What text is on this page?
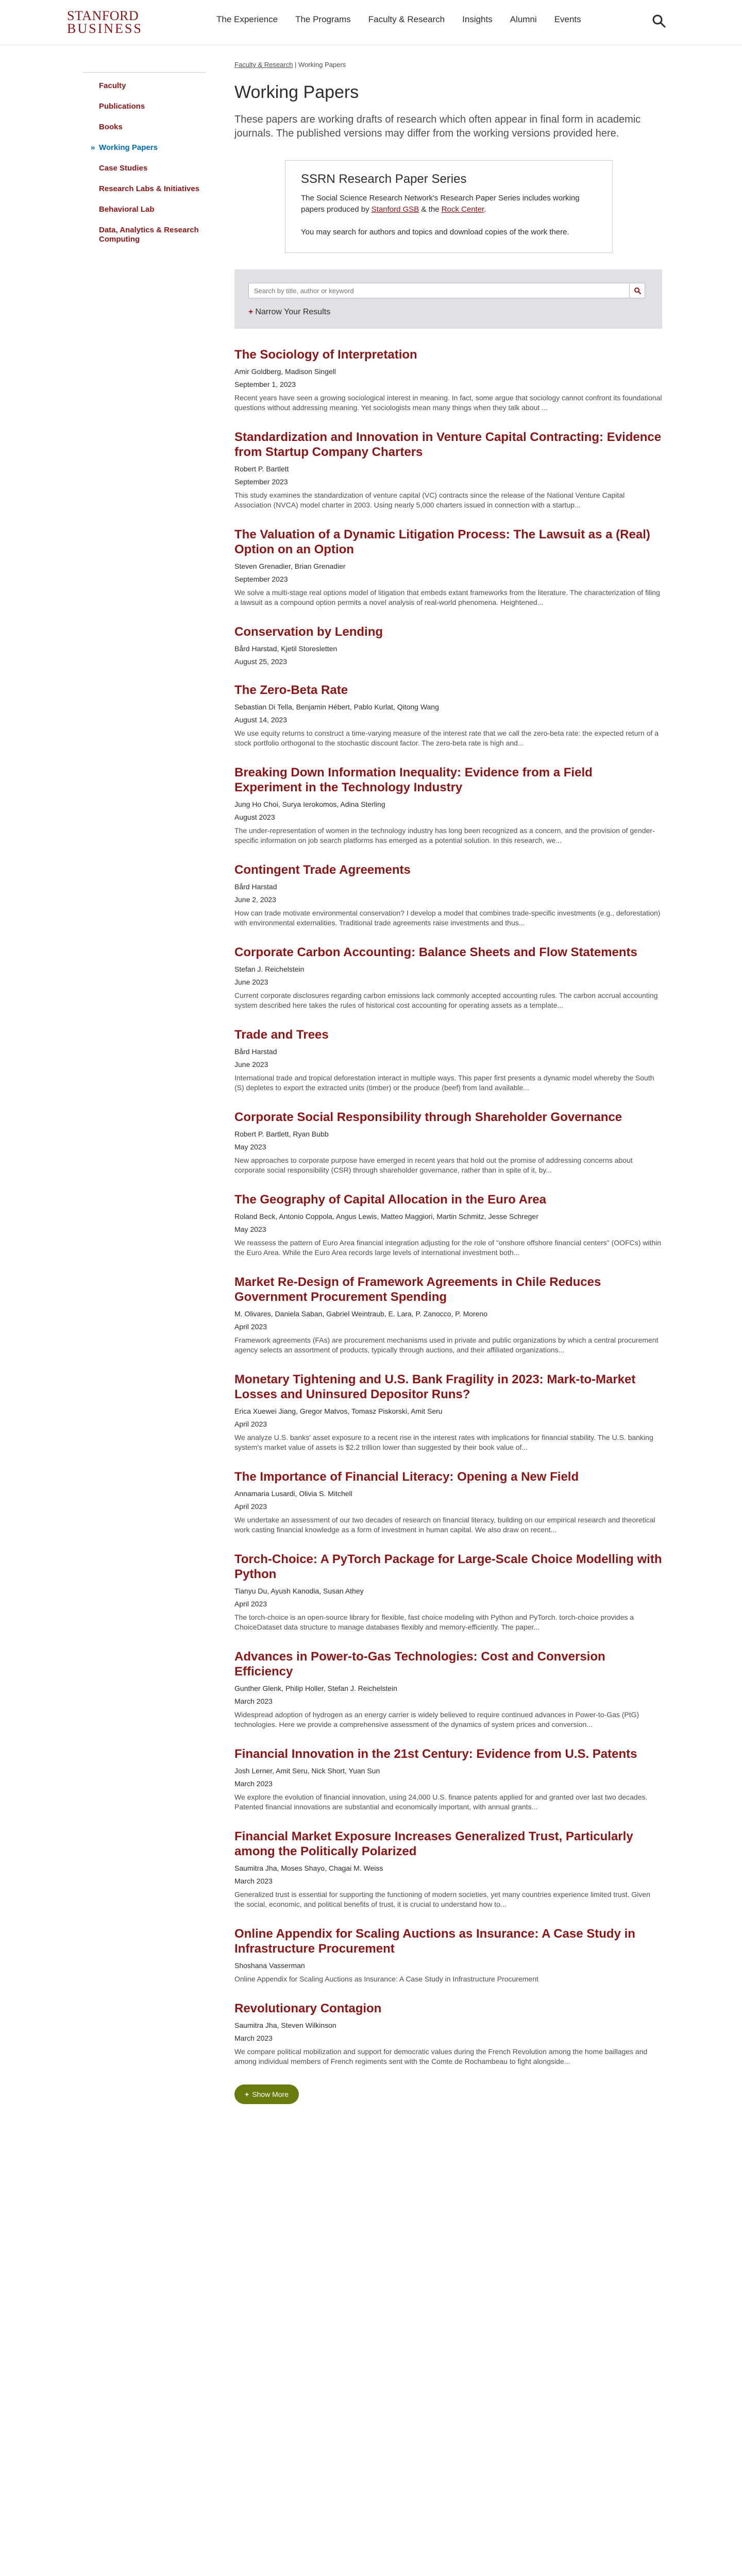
STANFORD
BUSINESS
The Experience The Programs Faculty & Research Insights Alumni Events
Faculty & Research | Working Papers
Faculty
Publications
Books
» Working Papers
Case Studies
Research Labs & Initiatives
Behavioral Lab
Data, Analytics & Research Computing
Working Papers

These papers are working drafts of research which often appear in final form in academic journals. The published versions may differ from the working versions provided here.

SSRN Research Paper Series

The Social Science Research Network's Research Paper Series includes working papers produced by Stanford GSB & the Rock Center.

You may search for authors and topics and download copies of the work there.

Search by title, author or keyword
+ Narrow Your Results
The Sociology of Interpretation
Amir Goldberg, Madison Singell
September 1, 2023

Recent years have seen a growing sociological interest in meaning. In fact, some argue that sociology cannot confront its foundational questions without addressing meaning. Yet sociologists mean many things when they talk about ...

Standardization and Innovation in Venture Capital Contracting: Evidence from Startup Company Charters
Robert P. Bartlett
September 2023

This study examines the standardization of venture capital (VC) contracts since the release of the National Venture Capital Association (NVCA) model charter in 2003. Using nearly 5,000 charters issued in connection with a startup...

The Valuation of a Dynamic Litigation Process: The Lawsuit as a (Real) Option on an Option
Steven Grenadier, Brian Grenadier
September 2023

We solve a multi-stage real options model of litigation that embeds extant frameworks from the literature. The characterization of filing a lawsuit as a compound option permits a novel analysis of real-world phenomena. Heightened...

Conservation by Lending
Bård Harstad, Kjetil Storesletten
August 25, 2023
The Zero-Beta Rate
Sebastian Di Tella, Benjamin Hébert, Pablo Kurlat, Qitong Wang
August 14, 2023

We use equity returns to construct a time-varying measure of the interest rate that we call the zero-beta rate: the expected return of a stock portfolio orthogonal to the stochastic discount factor. The zero-beta rate is high and...

Breaking Down Information Inequality: Evidence from a Field Experiment in the Technology Industry
Jung Ho Choi, Surya Ierokomos, Adina Sterling
August 2023

The under-representation of women in the technology industry has long been recognized as a concern, and the provision of gender-specific information on job search platforms has emerged as a potential solution. In this research, we...

Contingent Trade Agreements
Bård Harstad
June 2, 2023

How can trade motivate environmental conservation? I develop a model that combines trade-specific investments (e.g., deforestation) with environmental externalities. Traditional trade agreements raise investments and thus...

Corporate Carbon Accounting: Balance Sheets and Flow Statements
Stefan J. Reichelstein
June 2023

Current corporate disclosures regarding carbon emissions lack commonly accepted accounting rules. The carbon accrual accounting system described here takes the rules of historical cost accounting for operating assets as a template...

Trade and Trees
Bård Harstad
June 2023

International trade and tropical deforestation interact in multiple ways. This paper first presents a dynamic model whereby the South (S) depletes to export the extracted units (timber) or the produce (beef) from land available...

Corporate Social Responsibility through Shareholder Governance
Robert P. Bartlett, Ryan Bubb
May 2023

New approaches to corporate purpose have emerged in recent years that hold out the promise of addressing concerns about corporate social responsibility (CSR) through shareholder governance, rather than in spite of it, by...

The Geography of Capital Allocation in the Euro Area
Roland Beck, Antonio Coppola, Angus Lewis, Matteo Maggiori, Martin Schmitz, Jesse Schreger
May 2023

We reassess the pattern of Euro Area financial integration adjusting for the role of "onshore offshore financial centers" (OOFCs) within the Euro Area. While the Euro Area records large levels of international investment both...

Market Re-Design of Framework Agreements in Chile Reduces Government Procurement Spending
M. Olivares, Daniela Saban, Gabriel Weintraub, E. Lara, P. Zanocco, P. Moreno
April 2023

Framework agreements (FAs) are procurement mechanisms used in private and public organizations by which a central procurement agency selects an assortment of products, typically through auctions, and their affiliated organizations...

Monetary Tightening and U.S. Bank Fragility in 2023: Mark-to-Market Losses and Uninsured Depositor Runs?
Erica Xuewei Jiang, Gregor Matvos, Tomasz Piskorski, Amit Seru
April 2023

We analyze U.S. banks' asset exposure to a recent rise in the interest rates with implications for financial stability. The U.S. banking system's market value of assets is $2.2 trillion lower than suggested by their book value of...

The Importance of Financial Literacy: Opening a New Field
Annamaria Lusardi, Olivia S. Mitchell
April 2023

We undertake an assessment of our two decades of research on financial literacy, building on our empirical research and theoretical work casting financial knowledge as a form of investment in human capital. We also draw on recent...

Torch-Choice: A PyTorch Package for Large-Scale Choice Modelling with Python
Tianyu Du, Ayush Kanodia, Susan Athey
April 2023

The torch-choice is an open-source library for flexible, fast choice modeling with Python and PyTorch. torch-choice provides a ChoiceDataset data structure to manage databases flexibly and memory-efficiently. The paper...

Advances in Power-to-Gas Technologies: Cost and Conversion Efficiency
Gunther Glenk, Philip Holler, Stefan J. Reichelstein
March 2023

Widespread adoption of hydrogen as an energy carrier is widely believed to require continued advances in Power-to-Gas (PtG) technologies. Here we provide a comprehensive assessment of the dynamics of system prices and conversion...

Financial Innovation in the 21st Century: Evidence from U.S. Patents
Josh Lerner, Amit Seru, Nick Short, Yuan Sun
March 2023

We explore the evolution of financial innovation, using 24,000 U.S. finance patents applied for and granted over last two decades. Patented financial innovations are substantial and economically important, with annual grants...

Financial Market Exposure Increases Generalized Trust, Particularly among the Politically Polarized
Saumitra Jha, Moses Shayo, Chagai M. Weiss
March 2023

Generalized trust is essential for supporting the functioning of modern societies, yet many countries experience limited trust. Given the social, economic, and political benefits of trust, it is crucial to understand how to...

Online Appendix for Scaling Auctions as Insurance: A Case Study in Infrastructure Procurement
Shoshana Vasserman

Online Appendix for Scaling Auctions as Insurance: A Case Study in Infrastructure Procurement

Revolutionary Contagion
Saumitra Jha, Steven Wilkinson
March 2023

We compare political mobilization and support for democratic values during the French Revolution among the home baillages and among individual members of French regiments sent with the Comte de Rochambeau to fight alongside...

+ Show More
